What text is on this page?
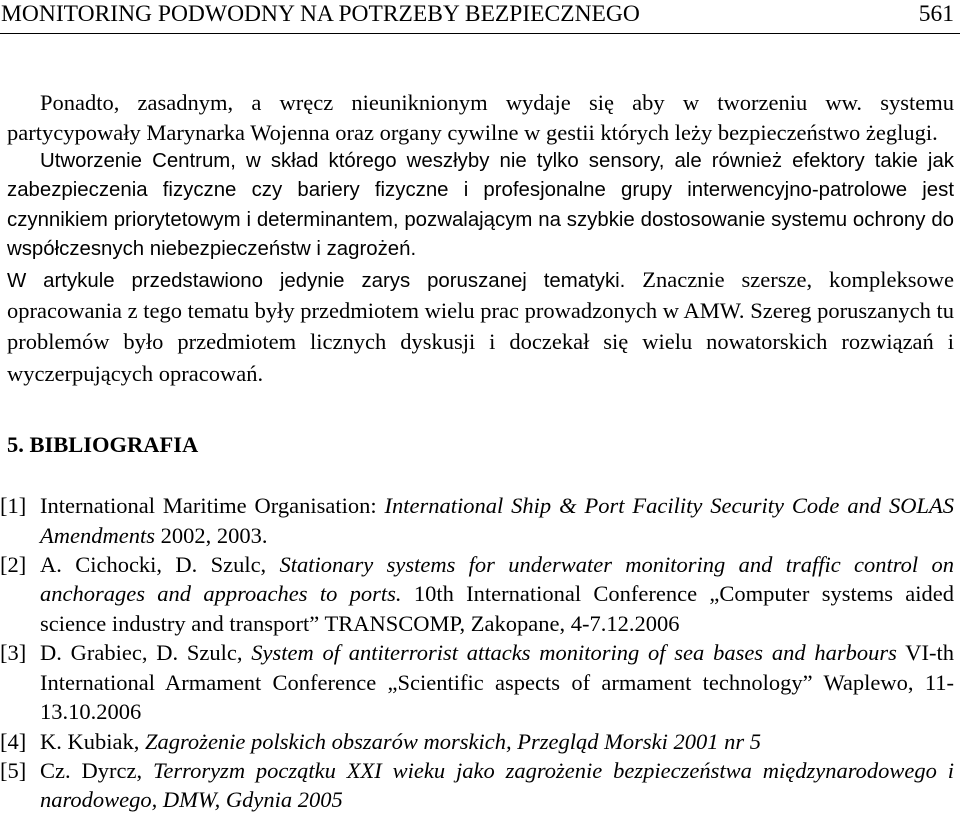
MONITORING PODWODNY NA POTRZEBY BEZPIECZNEGO	561

Ponadto, zasadnym, a wręcz nieuniknionym wydaje się aby w tworzeniu ww. systemu partycypowały Marynarka Wojenna oraz organy cywilne w gestii których leży bezpieczeństwo żeglugi.

Utworzenie Centrum, w skład którego weszłyby nie tylko sensory, ale również efektory takie jak zabezpieczenia fizyczne czy bariery fizyczne i profesjonalne grupy interwencyjno-patrolowe jest czynnikiem priorytetowym i determinantem, pozwalającym na szybkie dostosowanie systemu ochrony do współczesnych niebezpieczeństw i zagrożeń.

W artykule przedstawiono jedynie zarys poruszanej tematyki. Znacznie szersze, kompleksowe opracowania z tego tematu były przedmiotem wielu prac prowadzonych w AMW. Szereg poruszanych tu problemów było przedmiotem licznych dyskusji i doczekał się wielu nowatorskich rozwiązań i wyczerpujących opracowań.

5. BIBLIOGRAFIA

[1] International Maritime Organisation: International Ship & Port Facility Security Code and SOLAS Amendments 2002, 2003.

[2] A. Cichocki, D. Szulc, Stationary systems for underwater monitoring and traffic control on anchorages and approaches to ports. 10th International Conference „Computer systems aided science industry and transport” TRANSCOMP, Zakopane, 4-7.12.2006

[3] D. Grabiec, D. Szulc, System of antiterrorist attacks monitoring of sea bases and harbours VI-th International Armament Conference „Scientific aspects of armament technology” Waplewo, 11-13.10.2006

[4] K. Kubiak, Zagrożenie polskich obszarów morskich, Przegląd Morski 2001 nr 5

[5] Cz. Dyrcz, Terroryzm początku XXI wieku jako zagrożenie bezpieczeństwa międzynarodowego i narodowego, DMW, Gdynia 2005
